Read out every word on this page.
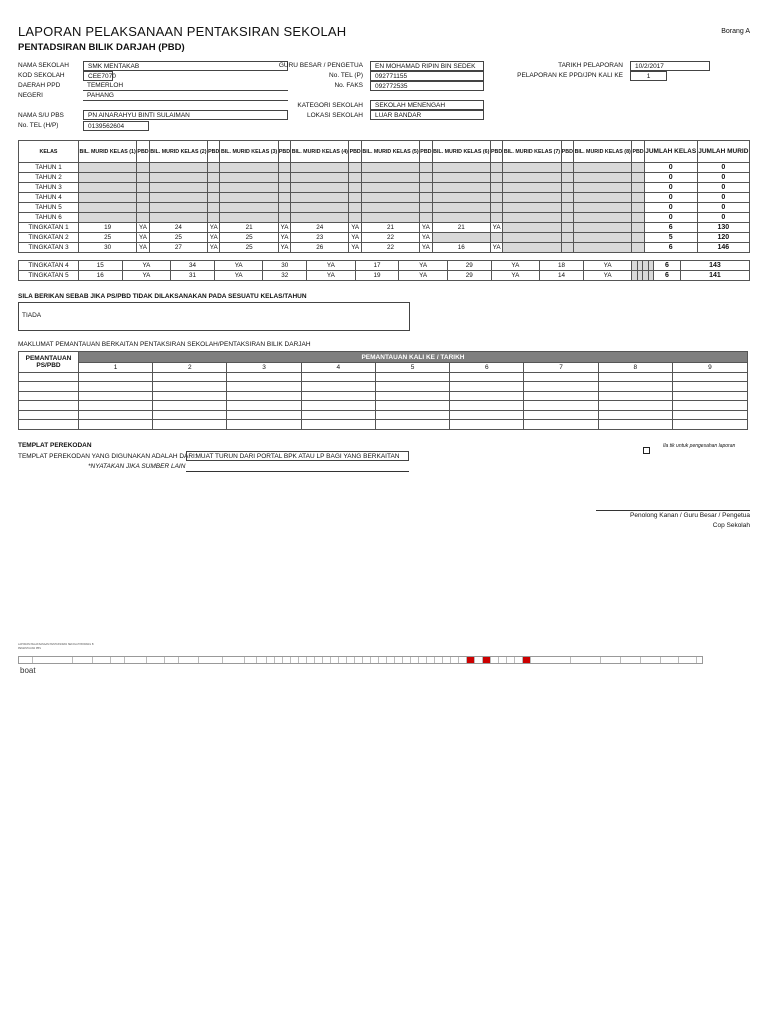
LAPORAN PELAKSANAAN PENTAKSIRAN SEKOLAH
PENTADSIRAN BILIK DARJAH (PBD)
Borang A
NAMA SEKOLAH	SMK MENTAKAB
KOD SEKOLAH	CEE7070
DAERAH PPD	TEMERLOH
NEGERI	PAHANG
NAMA S/U PBS	PN AINARAHYU BINTI SULAIMAN
No. TEL (H/P)	0139562604
GURU BESAR / PENGETUA	EN MOHAMAD RIPIN BIN SEDEK
No. TEL (P)	092771155
No. FAKS	092772535
KATEGORI SEKOLAH	SEKOLAH MENENGAH
LOKASI SEKOLAH	LUAR BANDAR
TARIKH PELAPORAN	10/2/2017
PELAPORAN KE PPD/JPN KALI KE	1
KELAS	BIL. MURID KELAS (1)	PBD	BIL. MURID KELAS (2)	PBD	BIL. MURID KELAS (3)	PBD	BIL. MURID KELAS (4)	PBD	BIL. MURID KELAS (5)	PBD	BIL. MURID KELAS (6)	PBD	BIL. MURID KELAS (7)	PBD	BIL. MURID KELAS (8)	PBD	JUMLAH KELAS	JUMLAH MURID
TAHUN 1																	0	0
TAHUN 2																	0	0
TAHUN 3																	0	0
TAHUN 4																	0	0
TAHUN 5																	0	0
TAHUN 6																	0	0
TINGKATAN 1	19	YA	24	YA	21	YA	24	YA	21	YA	21	YA					6	130
TINGKATAN 2	25	YA	25	YA	25	YA	23	YA	22	YA							5	120
TINGKATAN 3	30	YA	27	YA	25	YA	26	YA	22	YA	16	YA					6	146
TINGKATAN 4	15	YA	34	YA	30	YA	17	YA	29	YA	18	YA					6	143
TINGKATAN 5	16	YA	31	YA	32	YA	19	YA	29	YA	14	YA					6	141
SILA BERIKAN SEBAB JIKA PS/PBD TIDAK DILAKSANAKAN PADA SESUATU KELAS/TAHUN
TIADA
MAKLUMAT PEMANTAUAN BERKAITAN PENTAKSIRAN SEKOLAH/PENTAKSIRAN BILIK DARJAH
PEMANTAUAN PS/PBD	PEMANTAUAN KALI KE / TARIKH								
	1	2	3	4	5	6	7	8	9

TEMPLAT PEREKODAN
TEMPLAT PEREKODAN YANG DIGUNAKAN ADALAH DARI:
MUAT TURUN DARI PORTAL BPK ATAU LP BAGI YANG BERKAITAN
*NYATAKAN JIKA SUMBER LAIN
Ila tik untuk pengesahan laporan
Penolong Kanan / Guru Besar / Pengetua
Cop Sekolah
LAPORAN PELAKSANAAN PENTAKSIRAN SEKOLAH BORANG B
PEMANTAUAN PBS
boat
